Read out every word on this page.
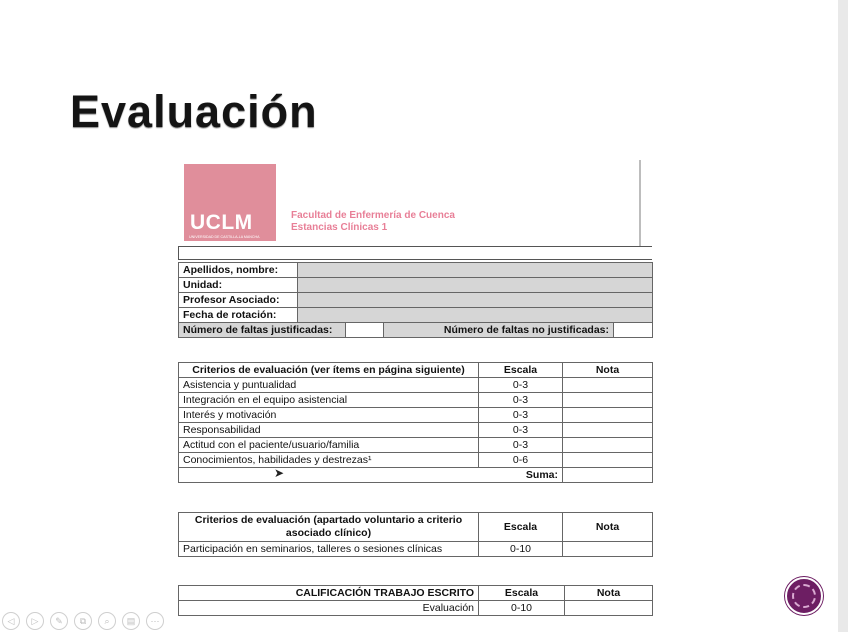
Evaluación
UCLM
UNIVERSIDAD DE CASTILLA-LA MANCHA
Facultad de Enfermería de Cuenca
Estancias Clínicas 1
Apellidos, nombre:				
Unidad:				
Profesor Asociado:				
Fecha de rotación:				
Número de faltas justificadas:			Número de faltas no justificadas:	
Criterios de evaluación (ver ítems en página siguiente)	Escala	Nota
Asistencia y puntualidad	0-3	
Integración en el equipo asistencial	0-3	
Interés y motivación	0-3	
Responsabilidad	0-3	
Actitud con el paciente/usuario/familia	0-3	
Conocimientos, habilidades y destrezas¹	0-6	
Suma:		
Criterios de evaluación (apartado voluntario a criterio asociado clínico)	Escala	Nota
Participación en seminarios, talleres o sesiones clínicas	0-10	
CALIFICACIÓN TRABAJO ESCRITO	Escala	Nota
Evaluación	0-10	
➤
◁	▷	✎	⧉	⌕	▤	⋯
